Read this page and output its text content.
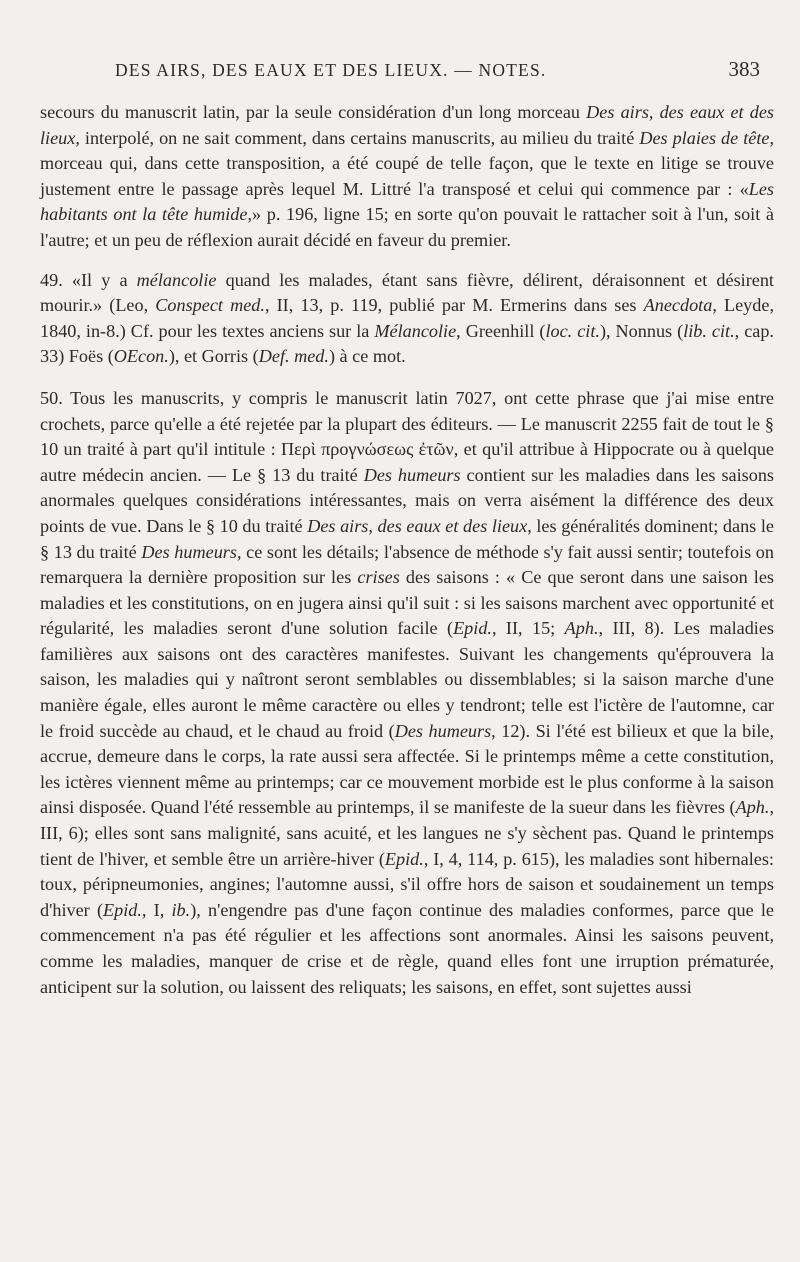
DES AIRS, DES EAUX ET DES LIEUX. — NOTES.	383

secours du manuscrit latin, par la seule considération d'un long morceau Des airs, des eaux et des lieux, interpolé, on ne sait comment, dans certains manuscrits, au milieu du traité Des plaies de tête, morceau qui, dans cette transposition, a été coupé de telle façon, que le texte en litige se trouve justement entre le passage après lequel M. Littré l'a transposé et celui qui commence par : «Les habitants ont la tête humide,» p. 196, ligne 15; en sorte qu'on pouvait le rattacher soit à l'un, soit à l'autre; et un peu de réflexion aurait décidé en faveur du premier.

49. «Il y a mélancolie quand les malades, étant sans fièvre, délirent, déraisonnent et désirent mourir.» (Leo, Conspect med., II, 13, p. 119, publié par M. Ermerins dans ses Anecdota, Leyde, 1840, in-8.) Cf. pour les textes anciens sur la Mélancolie, Greenhill (loc. cit.), Nonnus (lib. cit., cap. 33) Foës (OEcon.), et Gorris (Def. med.) à ce mot.

50. Tous les manuscrits, y compris le manuscrit latin 7027, ont cette phrase que j'ai mise entre crochets, parce qu'elle a été rejetée par la plupart des éditeurs. — Le manuscrit 2255 fait de tout le § 10 un traité à part qu'il intitule : Περὶ προγνώσεως ἐτῶν, et qu'il attribue à Hippocrate ou à quelque autre médecin ancien. — Le § 13 du traité Des humeurs contient sur les maladies dans les saisons anormales quelques considérations intéressantes, mais on verra aisément la différence des deux points de vue. Dans le § 10 du traité Des airs, des eaux et des lieux, les généralités dominent; dans le § 13 du traité Des humeurs, ce sont les détails; l'absence de méthode s'y fait aussi sentir; toutefois on remarquera la dernière proposition sur les crises des saisons : « Ce que seront dans une saison les maladies et les constitutions, on en jugera ainsi qu'il suit : si les saisons marchent avec opportunité et régularité, les maladies seront d'une solution facile (Epid., II, 15; Aph., III, 8). Les maladies familières aux saisons ont des caractères manifestes. Suivant les changements qu'éprouvera la saison, les maladies qui y naîtront seront semblables ou dissemblables; si la saison marche d'une manière égale, elles auront le même caractère ou elles y tendront; telle est l'ictère de l'automne, car le froid succède au chaud, et le chaud au froid (Des humeurs, 12). Si l'été est bilieux et que la bile, accrue, demeure dans le corps, la rate aussi sera affectée. Si le printemps même a cette constitution, les ictères viennent même au printemps; car ce mouvement morbide est le plus conforme à la saison ainsi disposée. Quand l'été ressemble au printemps, il se manifeste de la sueur dans les fièvres (Aph., III, 6); elles sont sans malignité, sans acuité, et les langues ne s'y sèchent pas. Quand le printemps tient de l'hiver, et semble être un arrière-hiver (Epid., I, 4, 114, p. 615), les maladies sont hibernales: toux, péripneumonies, angines; l'automne aussi, s'il offre hors de saison et soudainement un temps d'hiver (Epid., I, ib.), n'engendre pas d'une façon continue des maladies conformes, parce que le commencement n'a pas été régulier et les affections sont anormales. Ainsi les saisons peuvent, comme les maladies, manquer de crise et de règle, quand elles font une irruption prématurée, anticipent sur la solution, ou laissent des reliquats; les saisons, en effet, sont sujettes aussi
